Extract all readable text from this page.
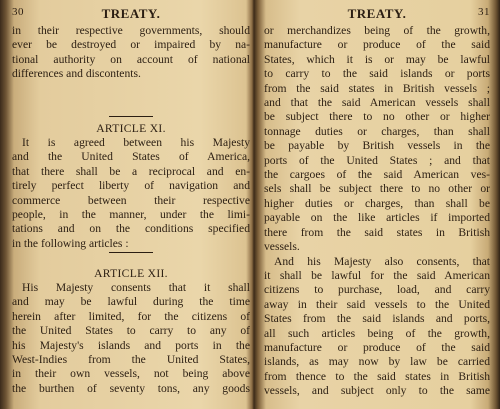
30	TREATY.
in their respective governments, should
ever be destroyed or impaired by na-
tional authority on account of national
differences and discontents.
ARTICLE XI.
It is agreed between his Majesty
and the United States of America,
that there shall be a reciprocal and en-
tirely perfect liberty of navigation and
commerce between their respective
people, in the manner, under the limi-
tations and on the conditions specified
in the following articles :
ARTICLE XII.
His Majesty consents that it shall
and may be lawful during the time
herein after limited, for the citizens of
the United States to carry to any of
his Majesty's islands and ports in the
West-Indies from the United States,
in their own vessels, not being above
the burthen of seventy tons, any goods
TREATY.	31
or merchandizes being of the growth,
manufacture or produce of the said
States, which it is or may be lawful
to carry to the said islands or ports
from the said states in British vessels ;
and that the said American vessels shall
be subject there to no other or higher
tonnage duties or charges, than shall
be payable by British vessels in the
ports of the United States ; and that
the cargoes of the said American ves-
sels shall be subject there to no other or
higher duties or charges, than shall be
payable on the like articles if imported
there from the said states in British
vessels.
And his Majesty also consents, that
it shall be lawful for the said American
citizens to purchase, load, and carry
away in their said vessels to the United
States from the said islands and ports,
all such articles being of the growth,
manufacture or produce of the said
islands, as may now by law be carried
from thence to the said states in British
vessels, and subject only to the same
